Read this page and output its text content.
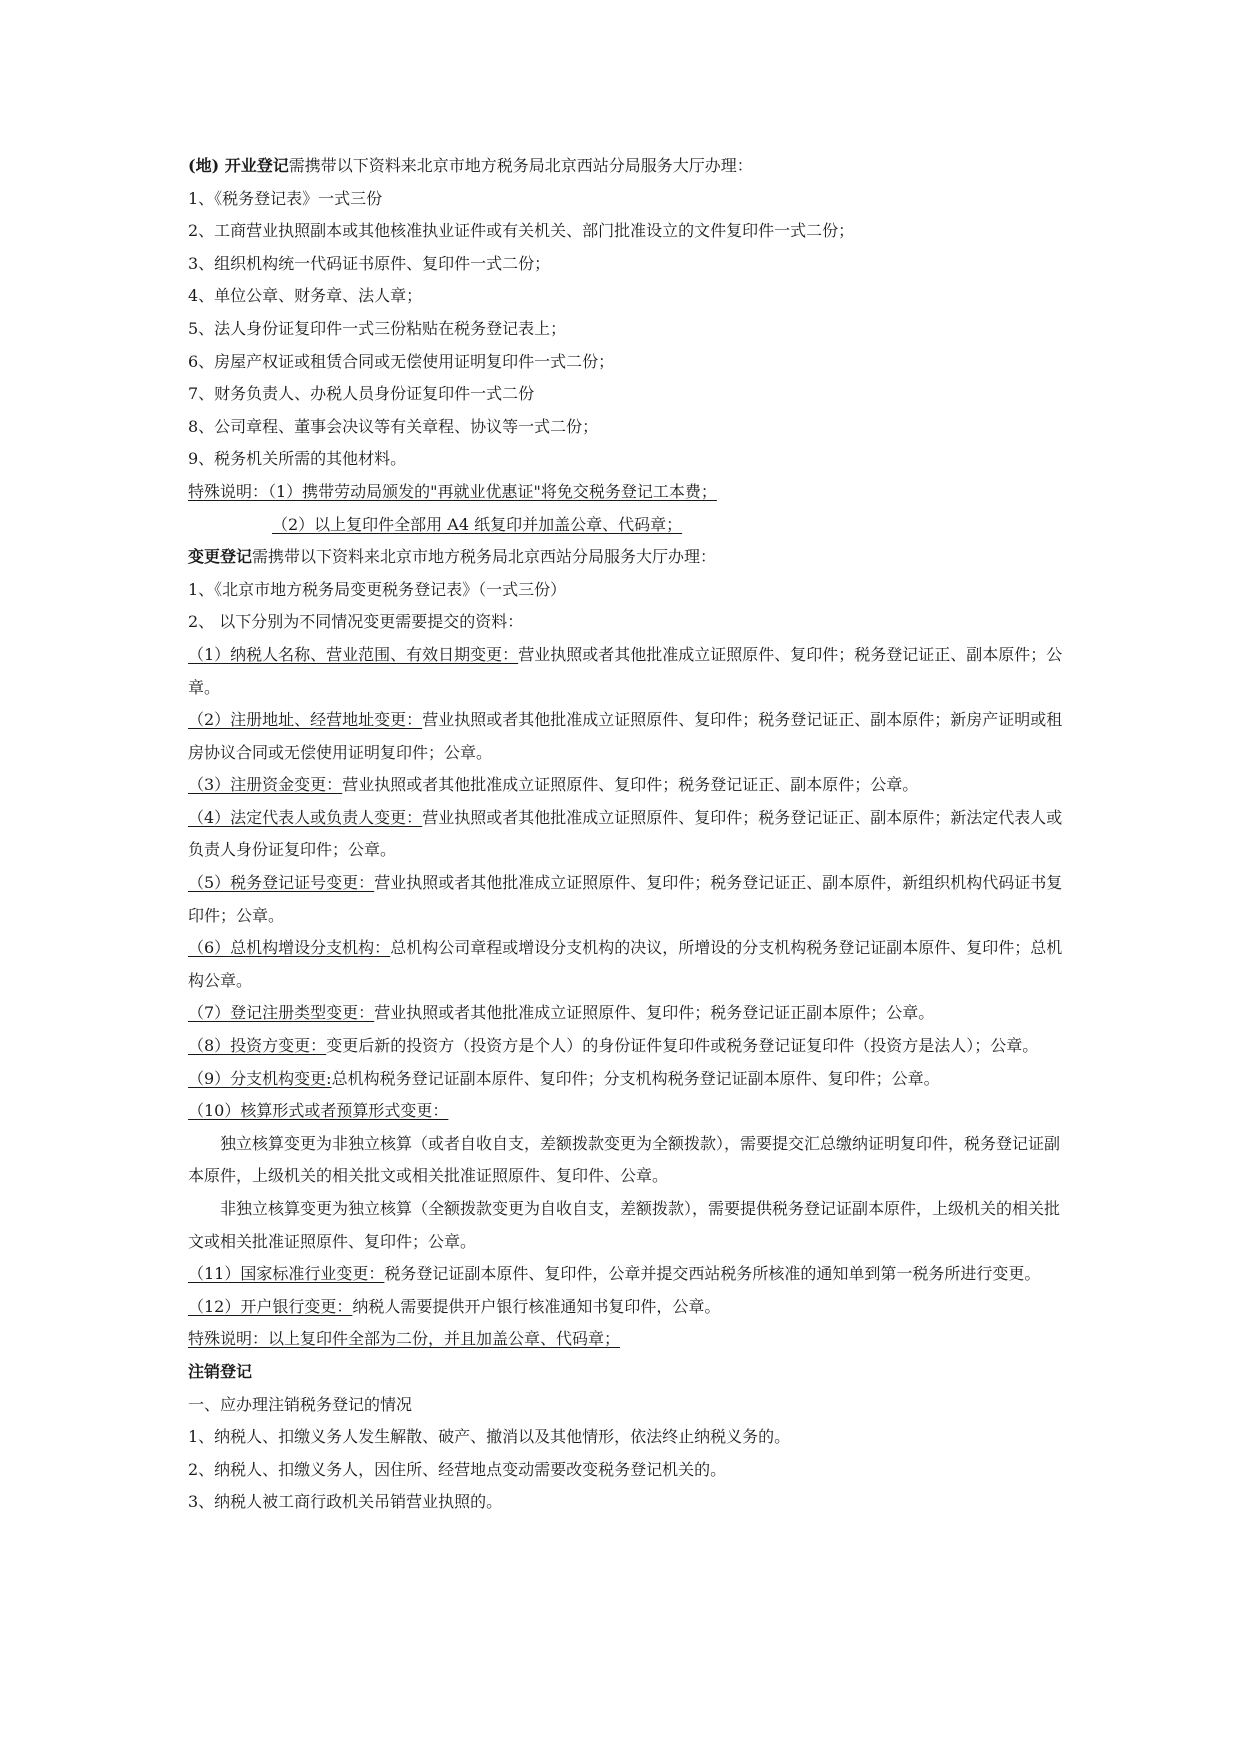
(地) 开业登记需携带以下资料来北京市地方税务局北京西站分局服务大厅办理：
1、《税务登记表》一式三份
2、工商营业执照副本或其他核准执业证件或有关机关、部门批准设立的文件复印件一式二份；
3、组织机构统一代码证书原件、复印件一式二份；
4、单位公章、财务章、法人章；
5、法人身份证复印件一式三份粘贴在税务登记表上；
6、房屋产权证或租赁合同或无偿使用证明复印件一式二份；
7、财务负责人、办税人员身份证复印件一式二份
8、公司章程、董事会决议等有关章程、协议等一式二份；
9、税务机关所需的其他材料。
特殊说明：（1）携带劳动局颁发的"再就业优惠证"将免交税务登记工本费；
（2）以上复印件全部用 A4 纸复印并加盖公章、代码章；
变更登记需携带以下资料来北京市地方税务局北京西站分局服务大厅办理：
1、《北京市地方税务局变更税务登记表》（一式三份）
2、 以下分别为不同情况变更需要提交的资料：
（1）纳税人名称、营业范围、有效日期变更：营业执照或者其他批准成立证照原件、复印件；税务登记证正、副本原件；公章。
（2）注册地址、经营地址变更：营业执照或者其他批准成立证照原件、复印件；税务登记证正、副本原件；新房产证明或租房协议合同或无偿使用证明复印件；公章。
（3）注册资金变更：营业执照或者其他批准成立证照原件、复印件；税务登记证正、副本原件；公章。
（4）法定代表人或负责人变更：营业执照或者其他批准成立证照原件、复印件；税务登记证正、副本原件；新法定代表人或负责人身份证复印件；公章。
（5）税务登记证号变更：营业执照或者其他批准成立证照原件、复印件；税务登记证正、副本原件，新组织机构代码证书复印件；公章。
（6）总机构增设分支机构：总机构公司章程或增设分支机构的决议，所增设的分支机构税务登记证副本原件、复印件；总机构公章。
（7）登记注册类型变更：营业执照或者其他批准成立证照原件、复印件；税务登记证正副本原件；公章。
（8）投资方变更：变更后新的投资方（投资方是个人）的身份证件复印件或税务登记证复印件（投资方是法人）；公章。
（9）分支机构变更:总机构税务登记证副本原件、复印件；分支机构税务登记证副本原件、复印件；公章。
（10）核算形式或者预算形式变更：
独立核算变更为非独立核算（或者自收自支，差额拨款变更为全额拨款），需要提交汇总缴纳证明复印件，税务登记证副本原件，上级机关的相关批文或相关批准证照原件、复印件、公章。
非独立核算变更为独立核算（全额拨款变更为自收自支，差额拨款），需要提供税务登记证副本原件，上级机关的相关批文或相关批准证照原件、复印件；公章。
（11）国家标准行业变更：税务登记证副本原件、复印件，公章并提交西站税务所核准的通知单到第一税务所进行变更。
（12）开户银行变更：纳税人需要提供开户银行核准通知书复印件，公章。
特殊说明：以上复印件全部为二份，并且加盖公章、代码章；
注销登记
一、应办理注销税务登记的情况
1、纳税人、扣缴义务人发生解散、破产、撤消以及其他情形，依法终止纳税义务的。
2、纳税人、扣缴义务人，因住所、经营地点变动需要改变税务登记机关的。
3、纳税人被工商行政机关吊销营业执照的。
